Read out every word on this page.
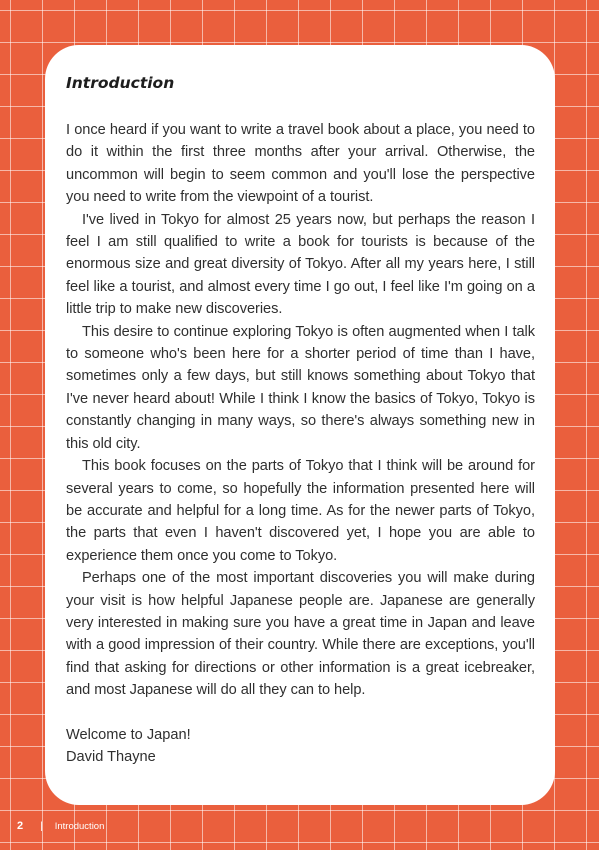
Introduction

I once heard if you want to write a travel book about a place, you need to do it within the first three months after your arrival. Otherwise, the uncommon will begin to seem common and you'll lose the perspective you need to write from the viewpoint of a tourist.

I've lived in Tokyo for almost 25 years now, but perhaps the reason I feel I am still qualified to write a book for tourists is because of the enormous size and great diversity of Tokyo. After all my years here, I still feel like a tourist, and almost every time I go out, I feel like I'm going on a little trip to make new discoveries.

This desire to continue exploring Tokyo is often augmented when I talk to someone who's been here for a shorter period of time than I have, sometimes only a few days, but still knows something about Tokyo that I've never heard about! While I think I know the basics of Tokyo, Tokyo is constantly changing in many ways, so there's always something new in this old city.

This book focuses on the parts of Tokyo that I think will be around for several years to come, so hopefully the information presented here will be accurate and helpful for a long time. As for the newer parts of Tokyo, the parts that even I haven't discovered yet, I hope you are able to experience them once you come to Tokyo.

Perhaps one of the most important discoveries you will make during your visit is how helpful Japanese people are. Japanese are generally very interested in making sure you have a great time in Japan and leave with a good impression of their country. While there are exceptions, you'll find that asking for directions or other information is a great icebreaker, and most Japanese will do all they can to help.

Welcome to Japan!
David Thayne
2 | Introduction
